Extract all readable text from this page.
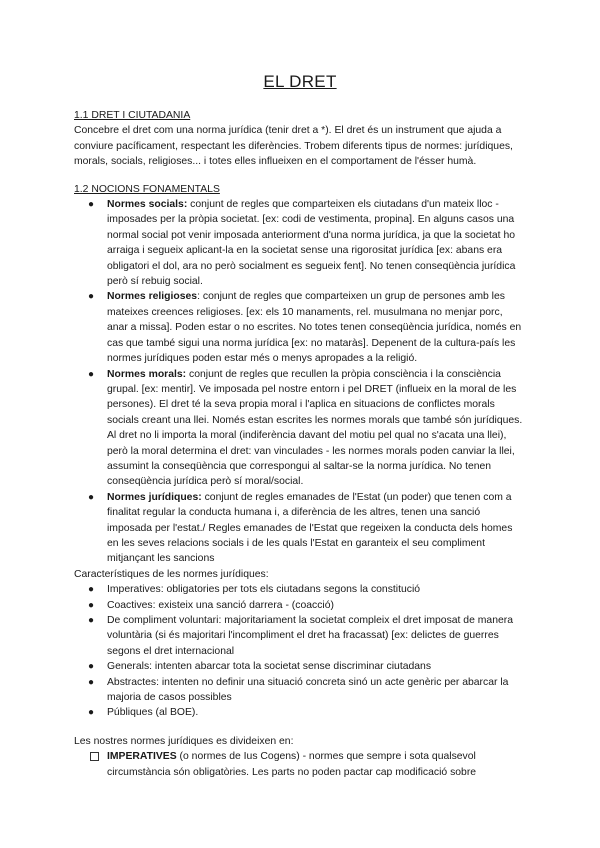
EL DRET

1.1 DRET I CIUTADANIA

Concebre el dret com una norma jurídica (tenir dret a *). El dret és un instrument que ajuda a conviure pacíficament, respectant les diferències. Trobem diferents tipus de normes: jurídiques, morals, socials, religioses... i totes elles influeixen en el comportament de l'ésser humà.

1.2 NOCIONS FONAMENTALS

● Normes socials: conjunt de regles que comparteixen els ciutadans d'un mateix lloc - imposades per la pròpia societat. [ex: codi de vestimenta, propina]. En alguns casos una normal social pot venir imposada anteriorment d'una norma jurídica, ja que la societat ho arraiga i segueix aplicant-la en la societat sense una rigorositat jurídica [ex: abans era obligatori el dol, ara no però socialment es segueix fent]. No tenen conseqüència jurídica però sí rebuig social.
● Normes religioses: conjunt de regles que comparteixen un grup de persones amb les mateixes creences religioses. [ex: els 10 manaments, rel. musulmana no menjar porc, anar a missa]. Poden estar o no escrites. No totes tenen conseqüència jurídica, només en cas que també sigui una norma jurídica [ex: no mataràs]. Depenent de la cultura-país les normes jurídiques poden estar més o menys apropades a la religió.
● Normes morals: conjunt de regles que recullen la pròpia consciència i la consciència grupal. [ex: mentir]. Ve imposada pel nostre entorn i pel DRET (influeix en la moral de les persones). El dret té la seva propia moral i l'aplica en situacions de conflictes morals socials creant una llei. Només estan escrites les normes morals que també són jurídiques. Al dret no li importa la moral (indiferència davant del motiu pel qual no s'acata una llei), però la moral determina el dret: van vinculades - les normes morals poden canviar la llei, assumint la conseqüència que correspongui al saltar-se la norma jurídica. No tenen conseqüència jurídica però sí moral/social.
● Normes jurídiques: conjunt de regles emanades de l'Estat (un poder) que tenen com a finalitat regular la conducta humana i, a diferència de les altres, tenen una sanció imposada per l'estat./ Regles emanades de l'Estat que regeixen la conducta dels homes en les seves relacions socials i de les quals l'Estat en garanteix el seu compliment mitjançant les sancions

Característiques de les normes jurídiques:

● Imperatives: obligatories per tots els ciutadans segons la constitució
● Coactives: existeix una sanció darrera - (coacció)
● De compliment voluntari: majoritariament la societat compleix el dret imposat de manera voluntària (si és majoritari l'incompliment el dret ha fracassat) [ex: delictes de guerres segons el dret internacional
● Generals: intenten abarcar tota la societat sense discriminar ciutadans
● Abstractes: intenten no definir una situació concreta sinó un acte genèric per abarcar la majoria de casos possibles
● Públiques (al BOE).

Les nostres normes jurídiques es divideixen en:

IMPERATIVES (o normes de Ius Cogens) - normes que sempre i sota qualsevol circumstància són obligatòries. Les parts no poden pactar cap modificació sobre
